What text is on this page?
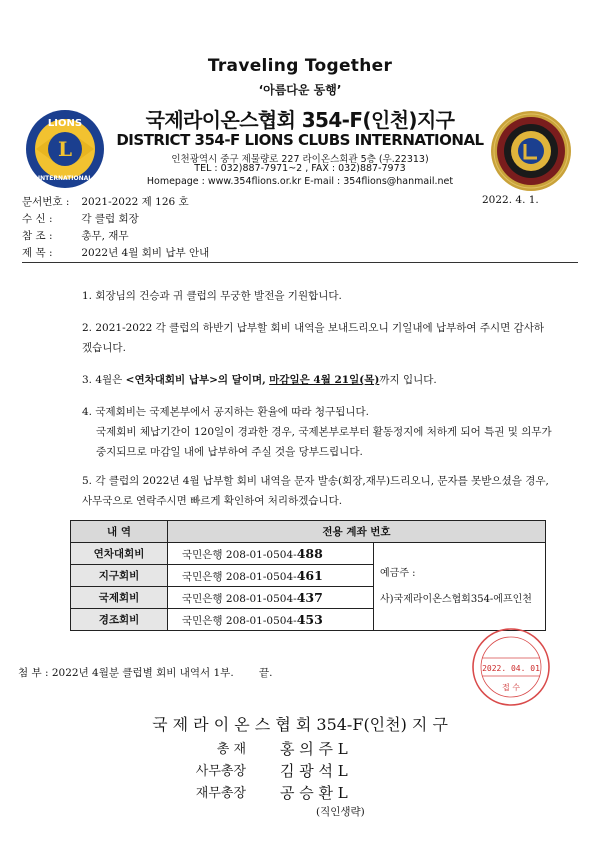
Traveling Together
‘아름다운 동행’
L
LIONS
INTERNATIONAL
국제라이온스협회 354-F(인천)지구
DISTRICT 354-F LIONS CLUBS INTERNATIONAL
인천광역시 중구 제물량로 227 라이온스회관 5층 (우.22313)
TEL : 032)887-7971~2 , FAX : 032)887-7973
Homepage : www.354flions.or.kr E-mail : 354flions@hanmail.net
문서번호 : 2021-2022 제 126 호	2022. 4. 1.
수 신 :	각 클럽 회장
참 조 :	총무, 재무
제 목 :	2022년 4월 회비 납부 안내
1. 회장님의 건승과 귀 클럽의 무궁한 발전을 기원합니다.
2. 2021-2022 각 클럽의 하반기 납부할 회비 내역을 보내드리오니 기일내에 납부하여 주시면 감사하겠습니다.
3. 4월은 <연차대회비 납부>의 달이며, 마감일은 4월 21일(목)까지 입니다.
4. 국제회비는 국제본부에서 공지하는 환율에 따라 청구됩니다.
국제회비 체납기간이 120일이 경과한 경우, 국제본부로부터 활동정지에 처하게 되어 특권 및 의무가 중지되므로 마감일 내에 납부하여 주실 것을 당부드립니다.
5. 각 클럽의 2022년 4월 납부할 회비 내역을 문자 발송(회장,재무)드리오니, 문자를 못받으셨을 경우, 사무국으로 연락주시면 빠르게 확인하여 처리하겠습니다.
내 역	전용 계좌 번호	
연차대회비	국민은행 208-01-0504-488	예금주 :
사)국제라이온스협회354-에프인천

지구회비	국민은행 208-01-0504-461	
국제회비	국민은행 208-01-0504-437	
경조회비	국민은행 208-01-0504-453	
첨 부 : 2022년 4월분 클럽별 회비 내역서 1부. 끝.	2022. 04. 01
접 수
국 제 라 이 온 스 협 회 354-F(인천) 지 구
총 재 홍 의 주 L
사무총장 김 광 석 L
재무총장 공 승 환 L
(직인생략)
